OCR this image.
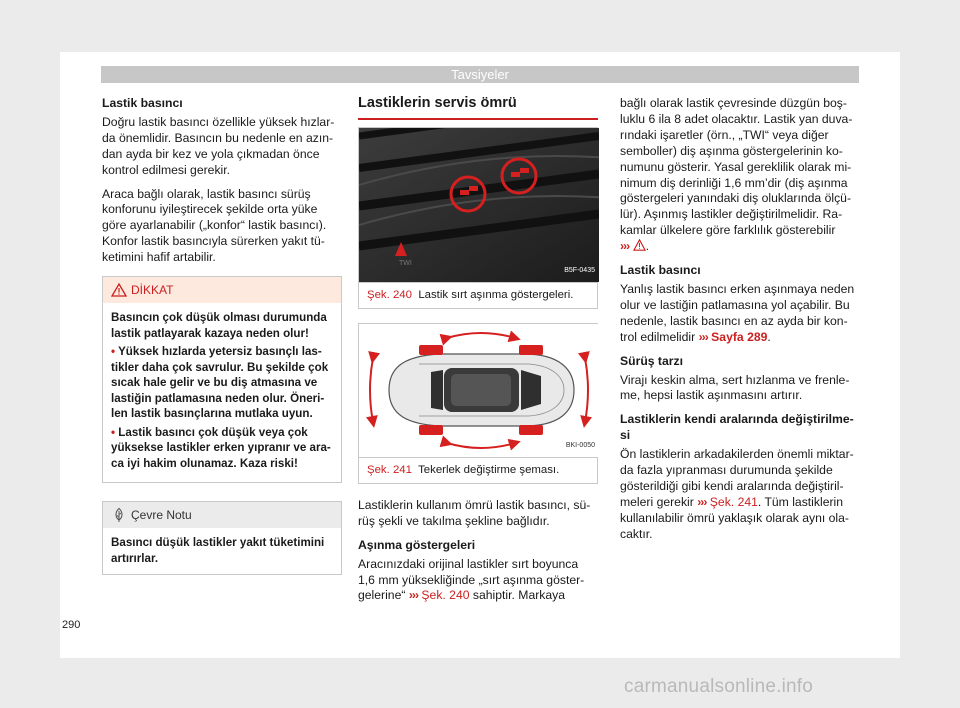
Tavsiyeler

Lastik basıncı

Doğru lastik basıncı özellikle yüksek hızlar-da önemlidir. Basıncın bu nedenle en azın-dan ayda bir kez ve yola çıkmadan önce kontrol edilmesi gerekir.

Araca bağlı olarak, lastik basıncı sürüş konforunu iyileştirecek şekilde orta yüke göre ayarlanabilir („konfor“ lastik basıncı). Konfor lastik basıncıyla sürerken yakıt tü-ketimini hafif artabilir.

DİKKAT

Basıncın çok düşük olması durumunda lastik patlayarak kazaya neden olur!

• Yüksek hızlarda yetersiz basınçlı las-tikler daha çok savrulur. Bu şekilde çok sıcak hale gelir ve bu diş atmasına ve lastiğin patlamasına neden olur. Öneri-len lastik basınçlarına mutlaka uyun.

• Lastik basıncı çok düşük veya çok yüksekse lastikler erken yıpranır ve ara-ca iyi hakim olunamaz. Kaza riski!

Çevre Notu
Basıncı düşük lastikler yakıt tüketimini artırırlar.
Lastiklerin servis ömrü
TWI
B5F-0435
Şek. 240 Lastik sırt aşınma göstergeleri.
BKI-0050
Şek. 241 Tekerlek değiştirme şeması.

Lastiklerin kullanım ömrü lastik basıncı, sü-rüş şekli ve takılma şekline bağlıdır.

Aşınma göstergeleri

Aracınızdaki orijinal lastikler sırt boyunca 1,6 mm yüksekliğinde „sırt aşınma göster-gelerine“ ››› Şek. 240 sahiptir. Markaya

bağlı olarak lastik çevresinde düzgün boş-luklu 6 ila 8 adet olacaktır. Lastik yan duva-rındaki işaretler (örn., „TWI“ veya diğer semboller) diş aşınma göstergelerinin ko-numunu gösterir. Yasal gereklilik olarak mi-nimum diş derinliği 1,6 mm’dir (diş aşınma göstergeleri yanındaki diş oluklarında ölçü-lür). Aşınmış lastikler değiştirilmelidir. Ra-kamlar ülkelere göre farklılık gösterebilir
››› .

Lastik basıncı

Yanlış lastik basıncı erken aşınmaya neden olur ve lastiğin patlamasına yol açabilir. Bu nedenle, lastik basıncı en az ayda bir kon-trol edilmelidir ››› Sayfa 289.

Sürüş tarzı

Virajı keskin alma, sert hızlanma ve frenle-me, hepsi lastik aşınmasını artırır.

Lastiklerin kendi aralarında değiştirilme-si

Ön lastiklerin arkadakilerden önemli miktar-da fazla yıpranması durumunda şekilde gösterildiği gibi kendi aralarında değiştiril-meleri gerekir ››› Şek. 241. Tüm lastiklerin kullanılabilir ömrü yaklaşık olarak aynı ola-caktır.

290
carmanualsonline.info
